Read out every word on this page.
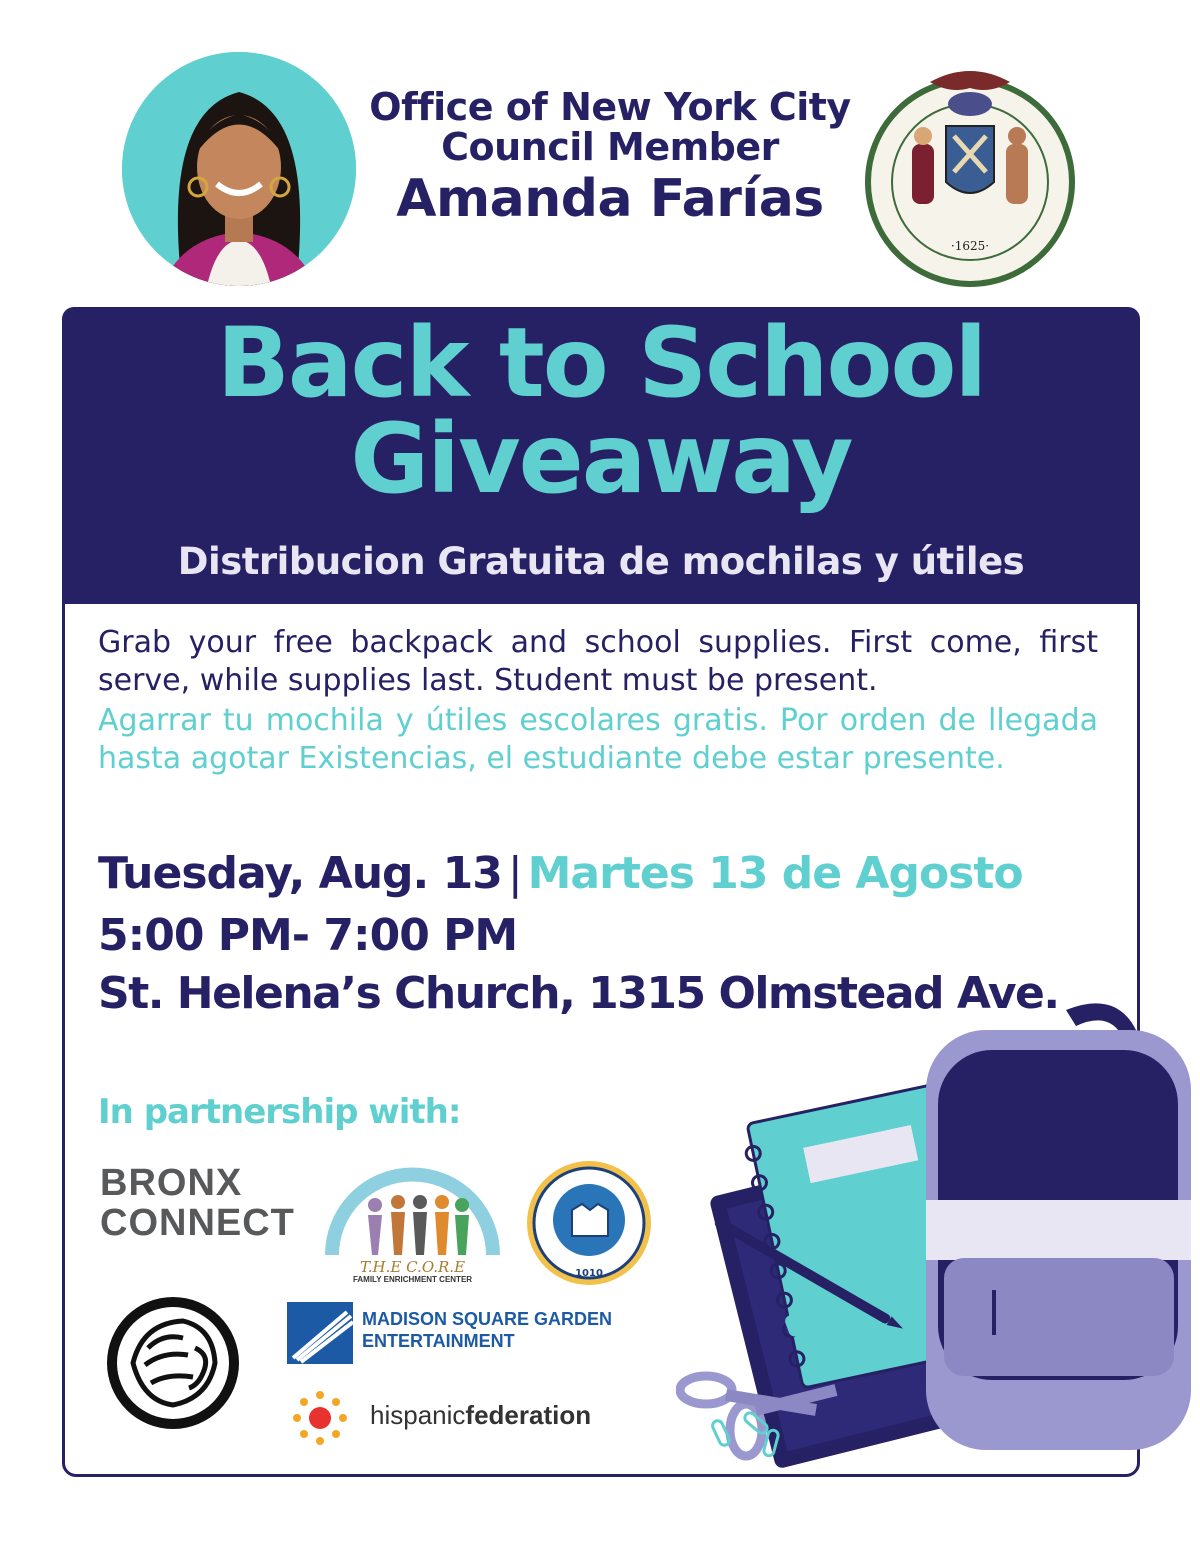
Office of New York City
Council Member
Amanda Farías
·1625·
Back to School
Giveaway
Distribucion Gratuita de mochilas y útiles
Grab your free backpack and school supplies. First come, first serve, while supplies last. Student must be present.
Agarrar tu mochila y útiles escolares gratis. Por orden de llegada hasta agotar Existencias, el estudiante debe estar presente.
Tuesday, Aug. 13 | Martes 13 de Agosto
5:00 PM- 7:00 PM
St. Helena’s Church, 1315 Olmstead Ave.
In partnership with:
BRONX
CONNECT
T.H.E C.O.R.E
FAMILY ENRICHMENT CENTER
1010
MADISON SQUARE GARDEN
ENTERTAINMENT
hispanicfederation
